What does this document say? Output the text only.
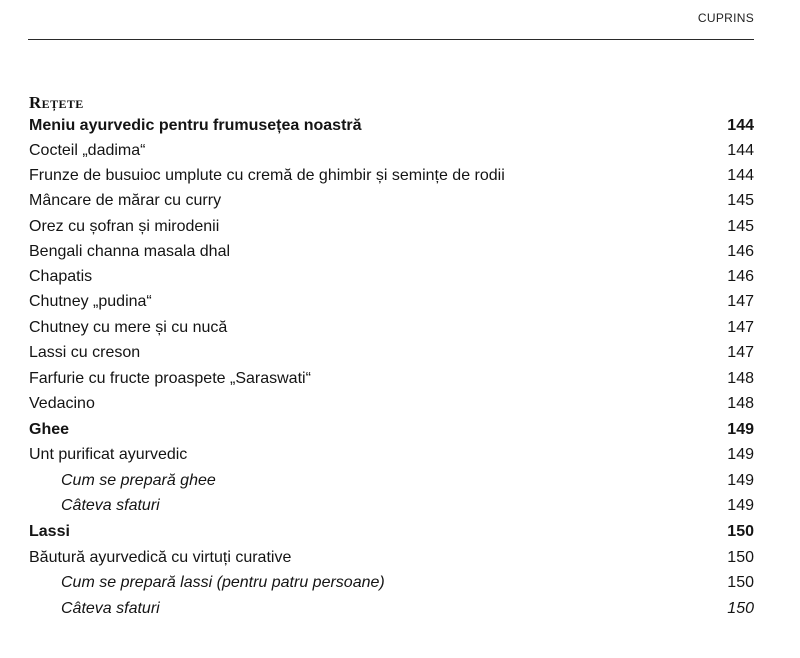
CUPRINS
Rețete
Meniu ayurvedic pentru frumusețea noastră	144
Cocteil „dadima“	144
Frunze de busuioc umplute cu cremă de ghimbir și semințe de rodii	144
Mâncare de mărar cu curry	145
Orez cu șofran și mirodenii	145
Bengali channa masala dhal	146
Chapatis	146
Chutney „pudina“	147
Chutney cu mere și cu nucă	147
Lassi cu creson	147
Farfurie cu fructe proaspete „Saraswati“	148
Vedacino	148
Ghee	149
Unt purificat ayurvedic	149
Cum se prepară ghee	149
Câteva sfaturi	149
Lassi	150
Băutură ayurvedică cu virtuți curative	150
Cum se prepară lassi (pentru patru persoane)	150
Câteva sfaturi	150
